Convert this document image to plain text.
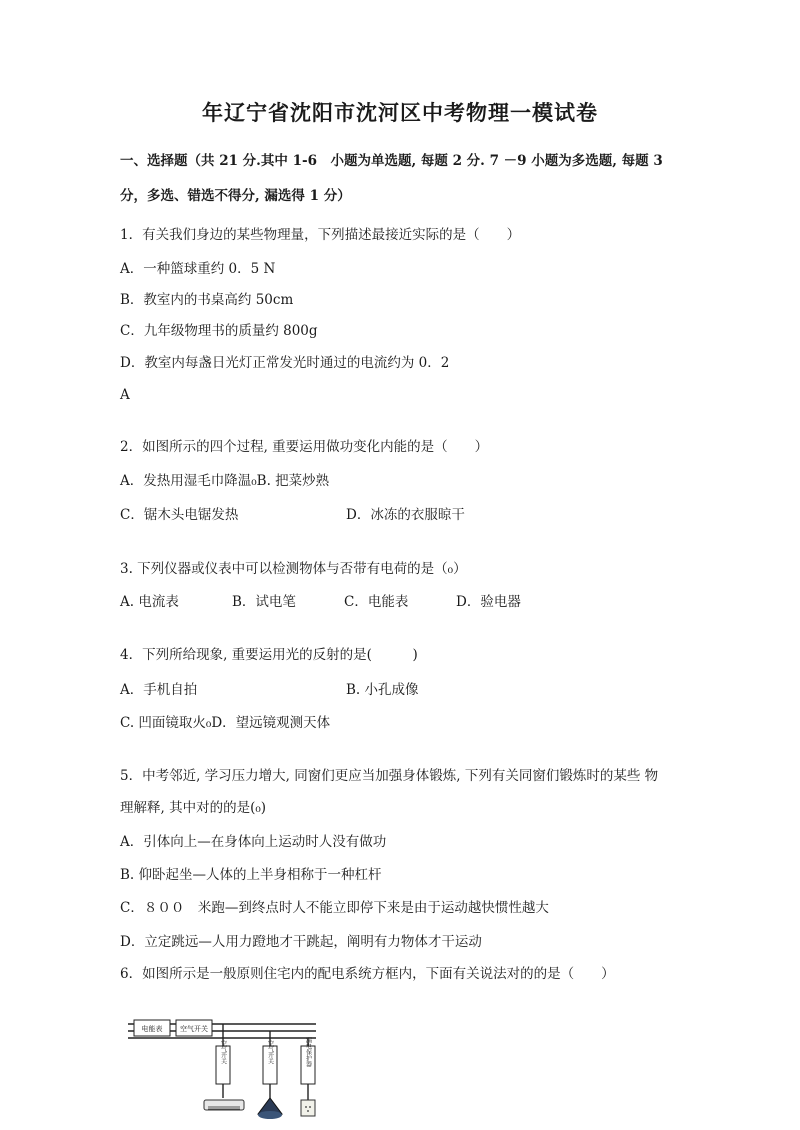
年辽宁省沈阳市沈河区中考物理一模试卷
一、选择题（共 21 分.其中 1-6　小题为单选题, 每题 2 分. 7 －9 小题为多选题, 每题 3
分，多选、错选不得分, 漏选得 1 分）
1．有关我们身边的某些物理量，下列描述最接近实际的是（　　）
A．一种篮球重约 0．5 N
B．教室内的书桌高约 50cm
C．九年级物理书的质量约 800g
D．教室内每盏日光灯正常发光时通过的电流约为 0．2
A
2．如图所示的四个过程, 重要运用做功变化内能的是（　　）
A．发热用湿毛巾降温₀B. 把菜炒熟
C．锯木头电锯发热	D．冰冻的衣服晾干
3. 下列仪器或仪表中可以检测物体与否带有电荷的是（₀）
A. 电流表	B．试电笔	C．电能表	D．验电器
4．下列所给现象, 重要运用光的反射的是(　　　)
A．手机自拍	B. 小孔成像
C. 凹面镜取火₀D．望远镜观测天体
5．中考邻近, 学习压力增大, 同窗们更应当加强身体锻炼, 下列有关同窗们锻炼时的某些 物
理解释, 其中对的的是(₀)
A．引体向上—在身体向上运动时人没有做功
B. 仰卧起坐—人体的上半身相称于一种杠杆
C．８００　米跑—到终点时人不能立即停下来是由于运动越快惯性越大
D．立定跳远—人用力蹬地才干跳起，阐明有力物体才干运动
6．如图所示是一般原则住宅内的配电系统方框内，下面有关说法对的的是（　　）
电能表	空气开关
空气开关	空气开关	漏电保护器
